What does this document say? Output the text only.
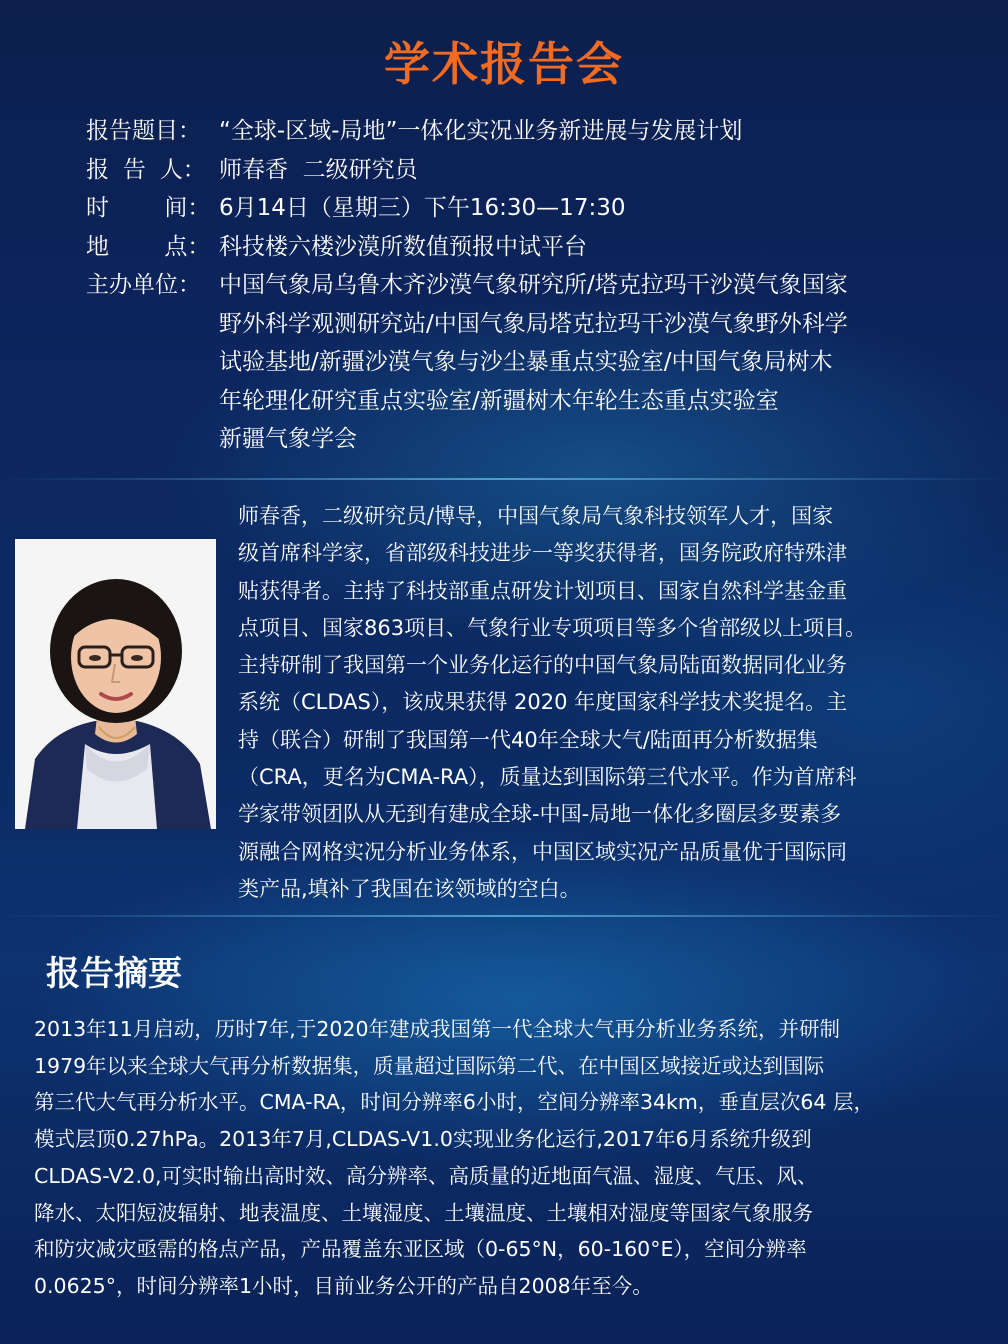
学术报告会
报告题目： “全球-区域-局地”一体化实况业务新进展与发展计划
报 告 人： 师春香  二级研究员
时    间： 6月14日（星期三）下午16:30—17:30
地    点： 科技楼六楼沙漠所数值预报中试平台
主办单位： 中国气象局乌鲁木齐沙漠气象研究所/塔克拉玛干沙漠气象国家
野外科学观测研究站/中国气象局塔克拉玛干沙漠气象野外科学
试验基地/新疆沙漠气象与沙尘暴重点实验室/中国气象局树木
年轮理化研究重点实验室/新疆树木年轮生态重点实验室
新疆气象学会
师春香，二级研究员/博导，中国气象局气象科技领军人才，国家
级首席科学家，省部级科技进步一等奖获得者，国务院政府特殊津
贴获得者。主持了科技部重点研发计划项目、国家自然科学基金重
点项目、国家863项目、气象行业专项项目等多个省部级以上项目。
主持研制了我国第一个业务化运行的中国气象局陆面数据同化业务
系统（CLDAS），该成果获得 2020 年度国家科学技术奖提名。主
持（联合）研制了我国第一代40年全球大气/陆面再分析数据集
（CRA，更名为CMA-RA），质量达到国际第三代水平。作为首席科
学家带领团队从无到有建成全球-中国-局地一体化多圈层多要素多
源融合网格实况分析业务体系，中国区域实况产品质量优于国际同
类产品,填补了我国在该领域的空白。
报告摘要
2013年11月启动，历时7年,于2020年建成我国第一代全球大气再分析业务系统，并研制
1979年以来全球大气再分析数据集，质量超过国际第二代、在中国区域接近或达到国际
第三代大气再分析水平。CMA-RA，时间分辨率6小时，空间分辨率34km，垂直层次64 层，
模式层顶0.27hPa。2013年7月,CLDAS-V1.0实现业务化运行,2017年6月系统升级到
CLDAS-V2.0,可实时输出高时效、高分辨率、高质量的近地面气温、湿度、气压、风、
降水、太阳短波辐射、地表温度、土壤湿度、土壤温度、土壤相对湿度等国家气象服务
和防灾减灾亟需的格点产品，产品覆盖东亚区域（0-65°N，60-160°E），空间分辨率
0.0625°，时间分辨率1小时，目前业务公开的产品自2008年至今。
